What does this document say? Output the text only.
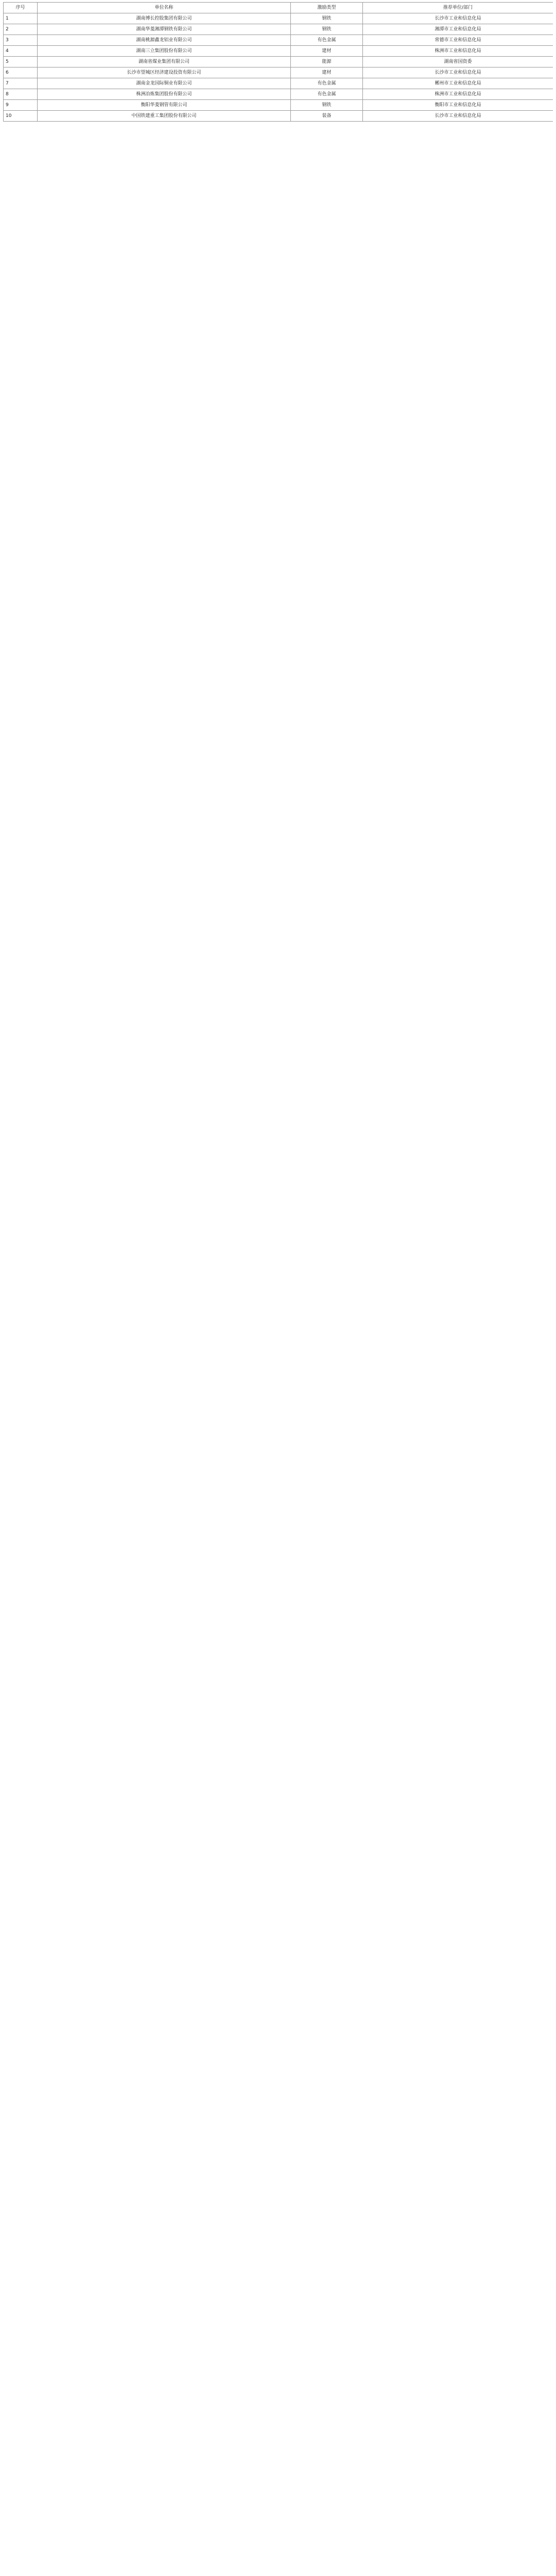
序号	单位名称	激励类型	推荐单位/部门
1	湖南博长控股集团有限公司	钢铁	长沙市工业和信息化局
2	湖南华菱湘潭钢铁有限公司	钢铁	湘潭市工业和信息化局
3	湖南桃源鑫龙铝业有限公司	有色金属	常德市工业和信息化局
4	湖南三立集团股份有限公司	建材	株洲市工业和信息化局
5	湖南省煤业集团有限公司	能源	湖南省国资委
6	长沙市望城区经济建设投资有限公司	建材	长沙市工业和信息化局
7	湖南金龙国际铜业有限公司	有色金属	郴州市工业和信息化局
8	株洲冶炼集团股份有限公司	有色金属	株洲市工业和信息化局
9	衡阳华菱钢管有限公司	钢铁	衡阳市工业和信息化局
10	中国铁建重工集团股份有限公司	装备	长沙市工业和信息化局
